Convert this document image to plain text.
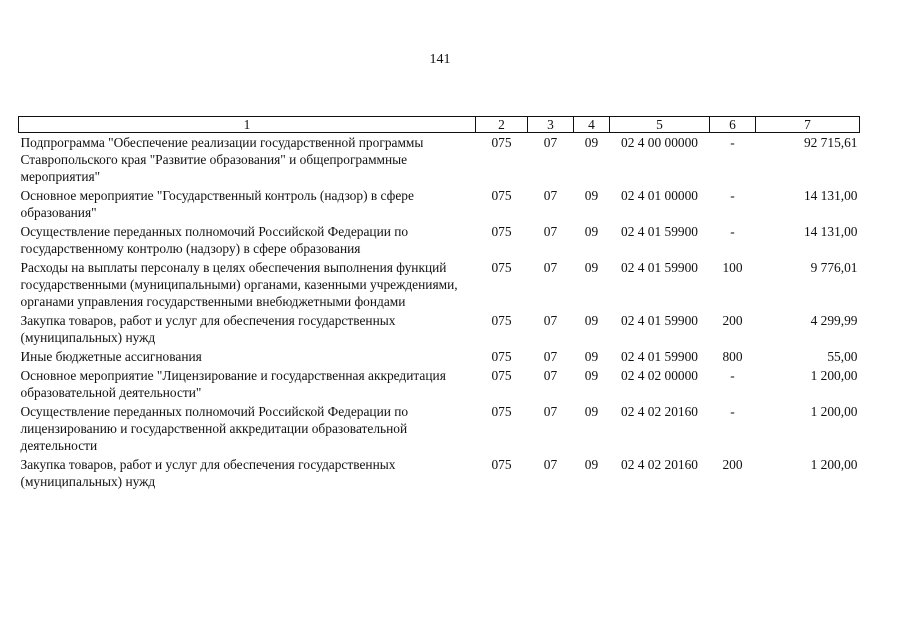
141
1	2	3	4	5	6	7
Подпрограмма "Обеспечение реализации государственной программы Ставропольского края "Развитие образования" и общепрограммные мероприятия"	075	07	09	02 4 00 00000	-	92 715,61
Основное мероприятие "Государственный контроль (надзор) в сфере образования"	075	07	09	02 4 01 00000	-	14 131,00
Осуществление переданных полномочий Российской Федерации по государственному контролю (надзору) в сфере образования	075	07	09	02 4 01 59900	-	14 131,00
Расходы на выплаты персоналу в целях обеспечения выполнения функций государственными (муниципальными) органами, казенными учреждениями, органами управления государственными внебюджетными фондами	075	07	09	02 4 01 59900	100	9 776,01
Закупка товаров, работ и услуг для обеспечения государственных (муниципальных) нужд	075	07	09	02 4 01 59900	200	4 299,99
Иные бюджетные ассигнования	075	07	09	02 4 01 59900	800	55,00
Основное мероприятие "Лицензирование и государственная аккредитация образовательной деятельности"	075	07	09	02 4 02 00000	-	1 200,00
Осуществление переданных полномочий Российской Федерации по лицензированию и государственной аккредитации образовательной деятельности	075	07	09	02 4 02 20160	-	1 200,00
Закупка товаров, работ и услуг для обеспечения государственных (муниципальных) нужд	075	07	09	02 4 02 20160	200	1 200,00
